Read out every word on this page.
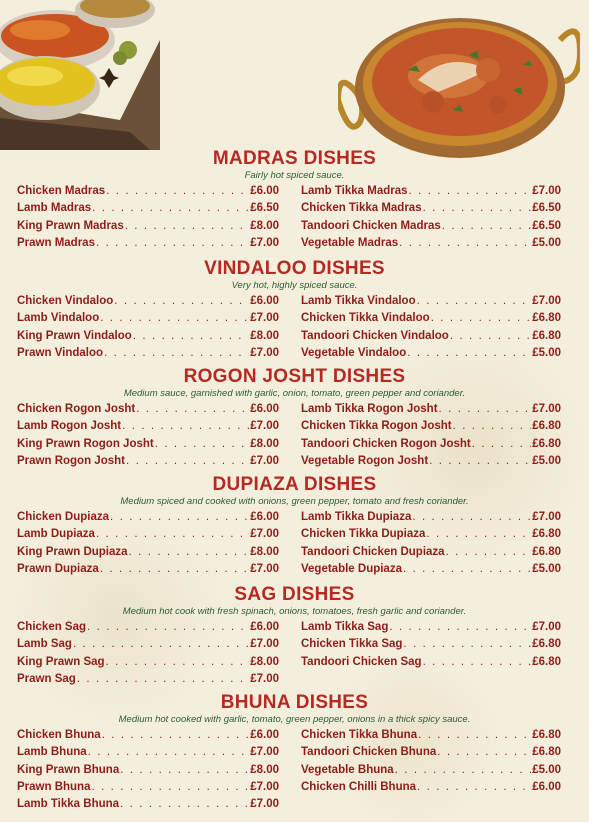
MADRAS DISHES
Fairly hot spiced sauce.
Chicken Madras . . .	£6.00
Lamb Madras . . .	£6.50
King Prawn Madras . . .	£8.00
Prawn Madras . . .	£7.00
Lamb Tikka Madras . . .	£7.00
Chicken Tikka Madras . . .	£6.50
Tandoori Chicken Madras . . .	£6.50
Vegetable Madras . . .	£5.00
VINDALOO DISHES
Very hot, highly spiced sauce.
Chicken Vindaloo . . .	£6.00
Lamb Vindaloo . . .	£7.00
King Prawn Vindaloo . . .	£8.00
Prawn Vindaloo . . .	£7.00
Lamb Tikka Vindaloo . . .	£7.00
Chicken Tikka Vindaloo . . .	£6.80
Tandoori Chicken Vindaloo . . .	£6.80
Vegetable Vindaloo . . .	£5.00
ROGON JOSHT DISHES
Medium sauce, garnished with garlic, onion, tomato, green pepper and coriander.
Chicken Rogon Josht . . .	£6.00
Lamb Rogon Josht . . .	£7.00
King Prawn Rogon Josht . . .	£8.00
Prawn Rogon Josht . . .	£7.00
Lamb Tikka Rogon Josht . . .	£7.00
Chicken Tikka Rogon Josht . . .	£6.80
Tandoori Chicken Rogon Josht . . .	£6.80
Vegetable Rogon Josht . . .	£5.00
DUPIAZA DISHES
Medium spiced and cooked with onions, green pepper, tomato and fresh coriander.
Chicken Dupiaza . . .	£6.00
Lamb Dupiaza . . .	£7.00
King Prawn Dupiaza . . .	£8.00
Prawn Dupiaza . . .	£7.00
Lamb Tikka Dupiaza . . .	£7.00
Chicken Tikka Dupiaza . . .	£6.80
Tandoori Chicken Dupiaza . . .	£6.80
Vegetable Dupiaza . . .	£5.00
SAG DISHES
Medium hot cook with fresh spinach, onions, tomatoes, fresh garlic and coriander.
Chicken Sag . . .	£6.00
Lamb Sag . . .	£7.00
King Prawn Sag . . .	£8.00
Prawn Sag . . .	£7.00
Lamb Tikka Sag . . .	£7.00
Chicken Tikka Sag . . .	£6.80
Tandoori Chicken Sag . . .	£6.80
BHUNA DISHES
Medium hot cooked with garlic, tomato, green pepper, onions in a thick spicy sauce.
Chicken Bhuna . . .	£6.00
Lamb Bhuna . . .	£7.00
King Prawn Bhuna . . .	£8.00
Prawn Bhuna . . .	£7.00
Lamb Tikka Bhuna . . .	£7.00
Chicken Tikka Bhuna . . .	£6.80
Tandoori Chicken Bhuna . . .	£6.80
Vegetable Bhuna . . .	£5.00
Chicken Chilli Bhuna . . .	£6.00
